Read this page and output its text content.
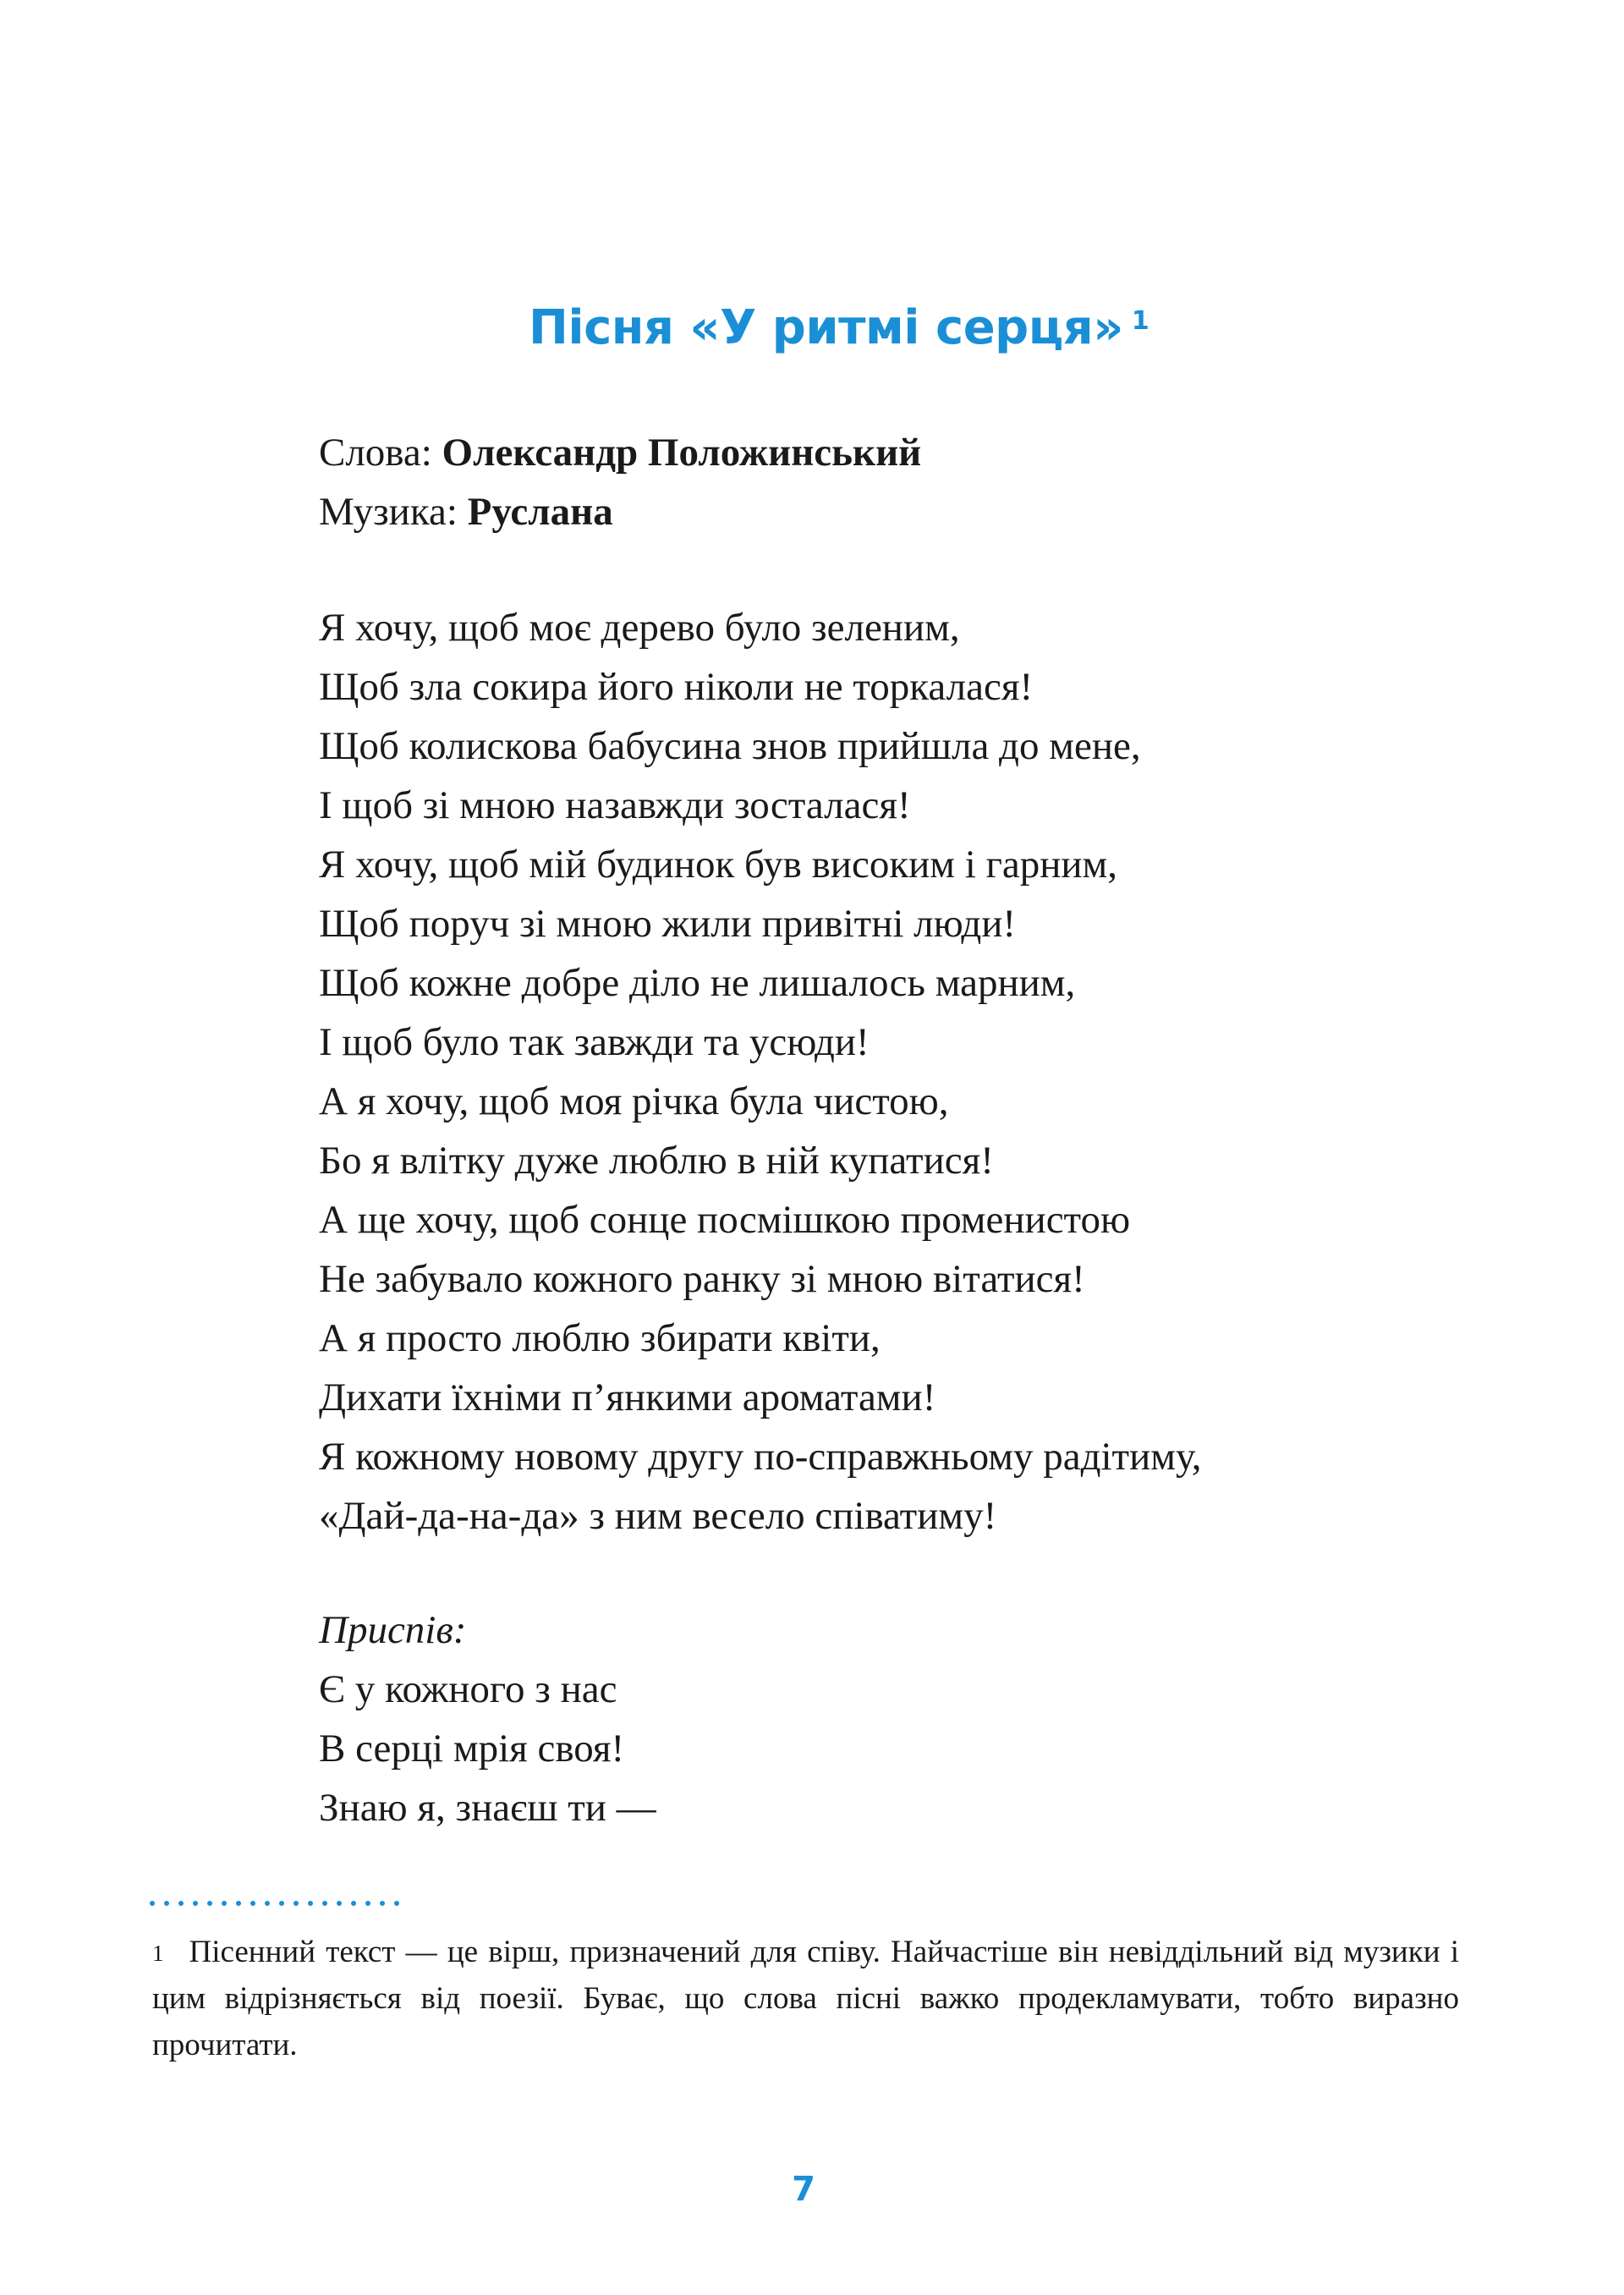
Пісня «У ритмі серця» $^1$
Слова: Олександр Положинський
Музика: Руслана
Я хочу, щоб моє дерево було зеленим,
Щоб зла сокира його ніколи не торкалася!
Щоб колискова бабусина знов прийшла до мене,
І щоб зі мною назавжди зосталася!
Я хочу, щоб мій будинок був високим і гарним,
Щоб поруч зі мною жили привітні люди!
Щоб кожне добре діло не лишалось марним,
І щоб було так завжди та усюди!
А я хочу, щоб моя річка була чистою,
Бо я влітку дуже люблю в ній купатися!
А ще хочу, щоб сонце посмішкою променистою
Не забувало кожного ранку зі мною вітатися!
А я просто люблю збирати квіти,
Дихати їхніми п’янкими ароматами!
Я кожному новому другу по-справжньому радітиму,
«Дай-да-на-да» з ним весело співатиму!
Приспів:
Є у кожного з нас
В серці мрія своя!
Знаю я, знаєш ти —

$^1$ Пісенний текст — це вірш, призначений для співу. Найчастіше він невіддільний від музики і цим відрізняється від поезії. Буває, що слова пісні важко продекламувати, тобто виразно прочитати.

7
